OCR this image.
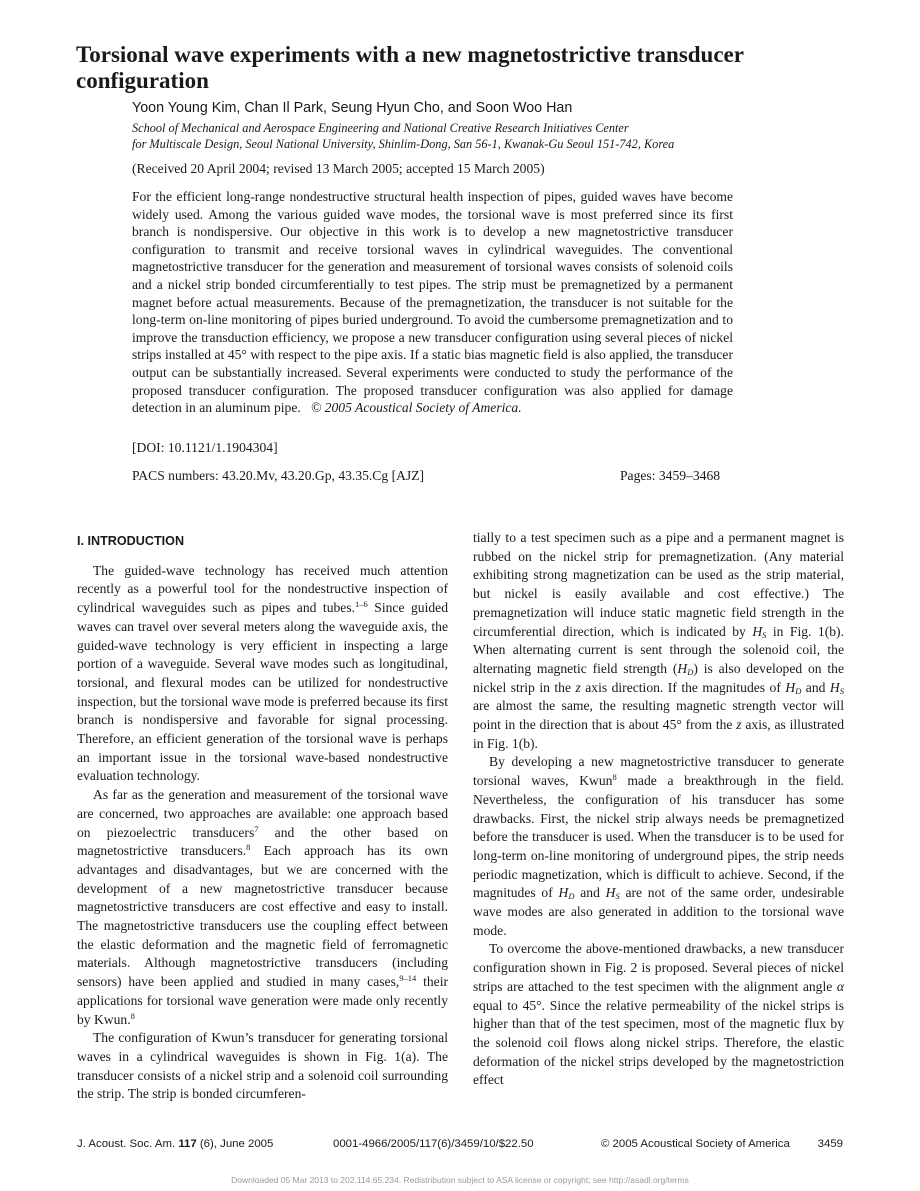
Torsional wave experiments with a new magnetostrictive transducer configuration
Yoon Young Kim, Chan Il Park, Seung Hyun Cho, and Soon Woo Han
School of Mechanical and Aerospace Engineering and National Creative Research Initiatives Center
for Multiscale Design, Seoul National University, Shinlim-Dong, San 56-1, Kwanak-Gu Seoul 151-742, Korea
(Received 20 April 2004; revised 13 March 2005; accepted 15 March 2005)
For the efficient long-range nondestructive structural health inspection of pipes, guided waves have become widely used. Among the various guided wave modes, the torsional wave is most preferred since its first branch is nondispersive. Our objective in this work is to develop a new magnetostrictive transducer configuration to transmit and receive torsional waves in cylindrical waveguides. The conventional magnetostrictive transducer for the generation and measurement of torsional waves consists of solenoid coils and a nickel strip bonded circumferentially to test pipes. The strip must be premagnetized by a permanent magnet before actual measurements. Because of the premagnetization, the transducer is not suitable for the long-term on-line monitoring of pipes buried underground. To avoid the cumbersome premagnetization and to improve the transduction efficiency, we propose a new transducer configuration using several pieces of nickel strips installed at 45° with respect to the pipe axis. If a static bias magnetic field is also applied, the transducer output can be substantially increased. Several experiments were conducted to study the performance of the proposed transducer configuration. The proposed transducer configuration was also applied for damage detection in an aluminum pipe. © 2005 Acoustical Society of America.
[DOI: 10.1121/1.1904304]
PACS numbers: 43.20.Mv, 43.20.Gp, 43.35.Cg [AJZ]	Pages: 3459–3468
I. INTRODUCTION

The guided-wave technology has received much attention recently as a powerful tool for the nondestructive inspection of cylindrical waveguides such as pipes and tubes.$^{1-6}$ Since guided waves can travel over several meters along the waveguide axis, the guided-wave technology is very efficient in inspecting a large portion of a waveguide. Several wave modes such as longitudinal, torsional, and flexural modes can be utilized for nondestructive inspection, but the torsional wave mode is preferred because its first branch is nondispersive and favorable for signal processing. Therefore, an efficient generation of the torsional wave is perhaps an important issue in the torsional wave-based nondestructive evaluation technology.

As far as the generation and measurement of the torsional wave are concerned, two approaches are available: one approach based on piezoelectric transducers$^7$ and the other based on magnetostrictive transducers.$^8$ Each approach has its own advantages and disadvantages, but we are concerned with the development of a new magnetostrictive transducer because magnetostrictive transducers are cost effective and easy to install. The magnetostrictive transducers use the coupling effect between the elastic deformation and the magnetic field of ferromagnetic materials. Although magnetostrictive transducers (including sensors) have been applied and studied in many cases,$^{9-14}$ their applications for torsional wave generation were made only recently by Kwun.$^8$

The configuration of Kwun’s transducer for generating torsional waves in a cylindrical waveguides is shown in Fig. 1(a). The transducer consists of a nickel strip and a solenoid coil surrounding the strip. The strip is bonded circumferen-

tially to a test specimen such as a pipe and a permanent magnet is rubbed on the nickel strip for premagnetization. (Any material exhibiting strong magnetization can be used as the strip material, but nickel is easily available and cost effective.) The premagnetization will induce static magnetic field strength in the circumferential direction, which is indicated by $H_S$ in Fig. 1(b). When alternating current is sent through the solenoid coil, the alternating magnetic field strength $(H_D)$ is also developed on the nickel strip in the z axis direction. If the magnitudes of $H_D$ and $H_S$ are almost the same, the resulting magnetic strength vector will point in the direction that is about 45° from the z axis, as illustrated in Fig. 1(b).

By developing a new magnetostrictive transducer to generate torsional waves, Kwun$^8$ made a breakthrough in the field. Nevertheless, the configuration of his transducer has some drawbacks. First, the nickel strip always needs be premagnetized before the transducer is used. When the transducer is to be used for long-term on-line monitoring of underground pipes, the strip needs periodic magnetization, which is difficult to achieve. Second, if the magnitudes of $H_D$ and $H_S$ are not of the same order, undesirable wave modes are also generated in addition to the torsional wave mode.

To overcome the above-mentioned drawbacks, a new transducer configuration shown in Fig. 2 is proposed. Several pieces of nickel strips are attached to the test specimen with the alignment angle α equal to 45°. Since the relative permeability of the nickel strips is higher than that of the test specimen, most of the magnetic flux by the solenoid coil flows along nickel strips. Therefore, the elastic deformation of the nickel strips developed by the magnetostriction effect

J. Acoust. Soc. Am. 117 (6), June 2005	0001-4966/2005/117(6)/3459/10/$22.50	© 2005 Acoustical Society of America 3459
Downloaded 05 Mar 2013 to 202.114.65.234. Redistribution subject to ASA license or copyright; see http://asadl.org/terms
